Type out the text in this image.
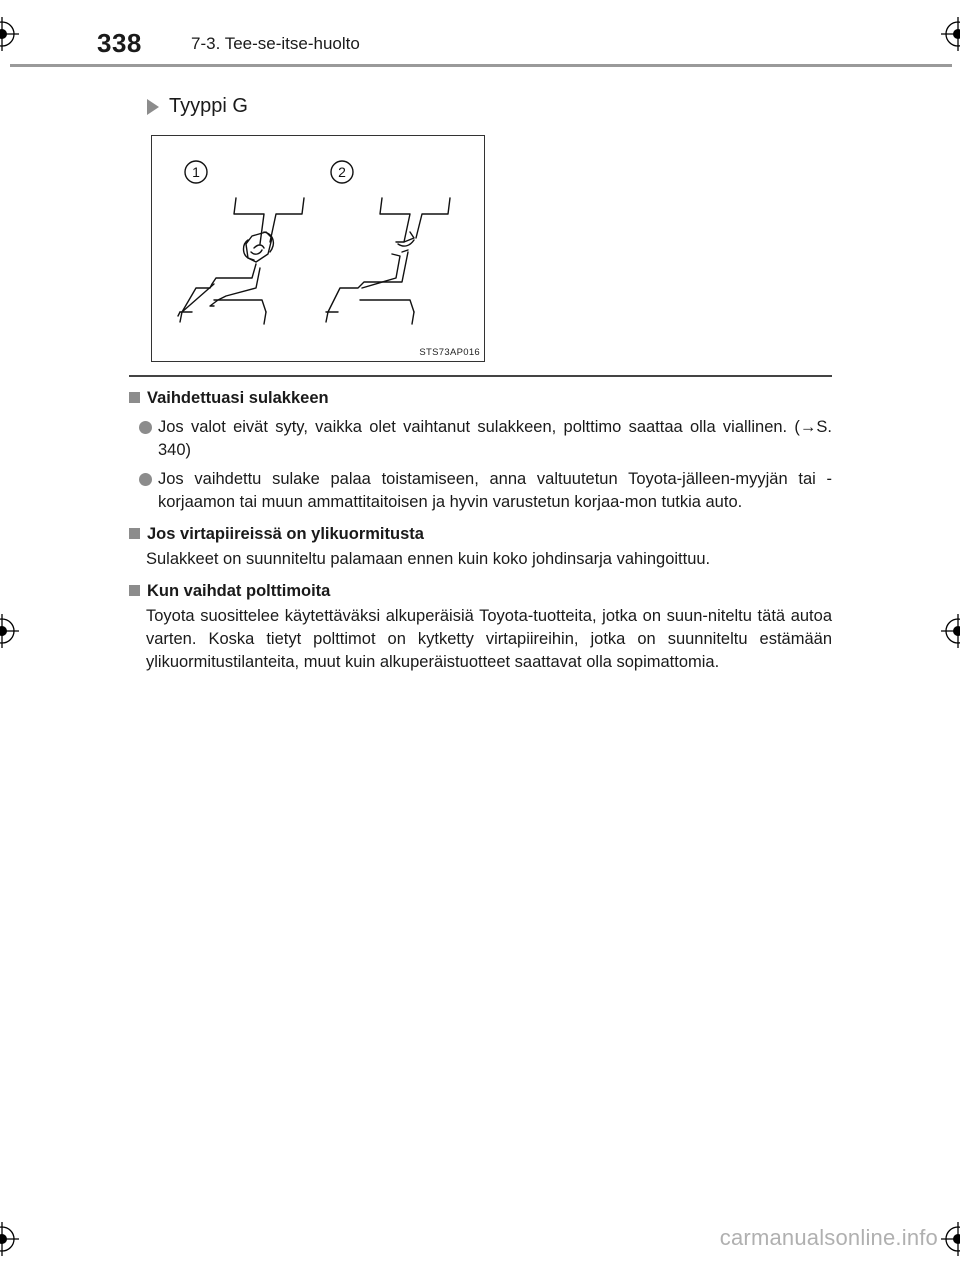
338	7-3. Tee-se-itse-huolto
Tyyppi G
1	2
STS73AP016
Vaihdettuasi sulakkeen
Jos valot eivät syty, vaikka olet vaihtanut sulakkeen, polttimo saattaa olla viallinen. (→S. 340)
Jos vaihdettu sulake palaa toistamiseen, anna valtuutetun Toyota-jälleen-myyjän tai -korjaamon tai muun ammattitaitoisen ja hyvin varustetun korjaa-mon tutkia auto.
Jos virtapiireissä on ylikuormitusta
Sulakkeet on suunniteltu palamaan ennen kuin koko johdinsarja vahingoittuu.
Kun vaihdat polttimoita
Toyota suosittelee käytettäväksi alkuperäisiä Toyota-tuotteita, jotka on suun-niteltu tätä autoa varten. Koska tietyt polttimot on kytketty virtapiireihin, jotka on suunniteltu estämään ylikuormitustilanteita, muut kuin alkuperäistuotteet saattavat olla sopimattomia.
carmanualsonline.info
